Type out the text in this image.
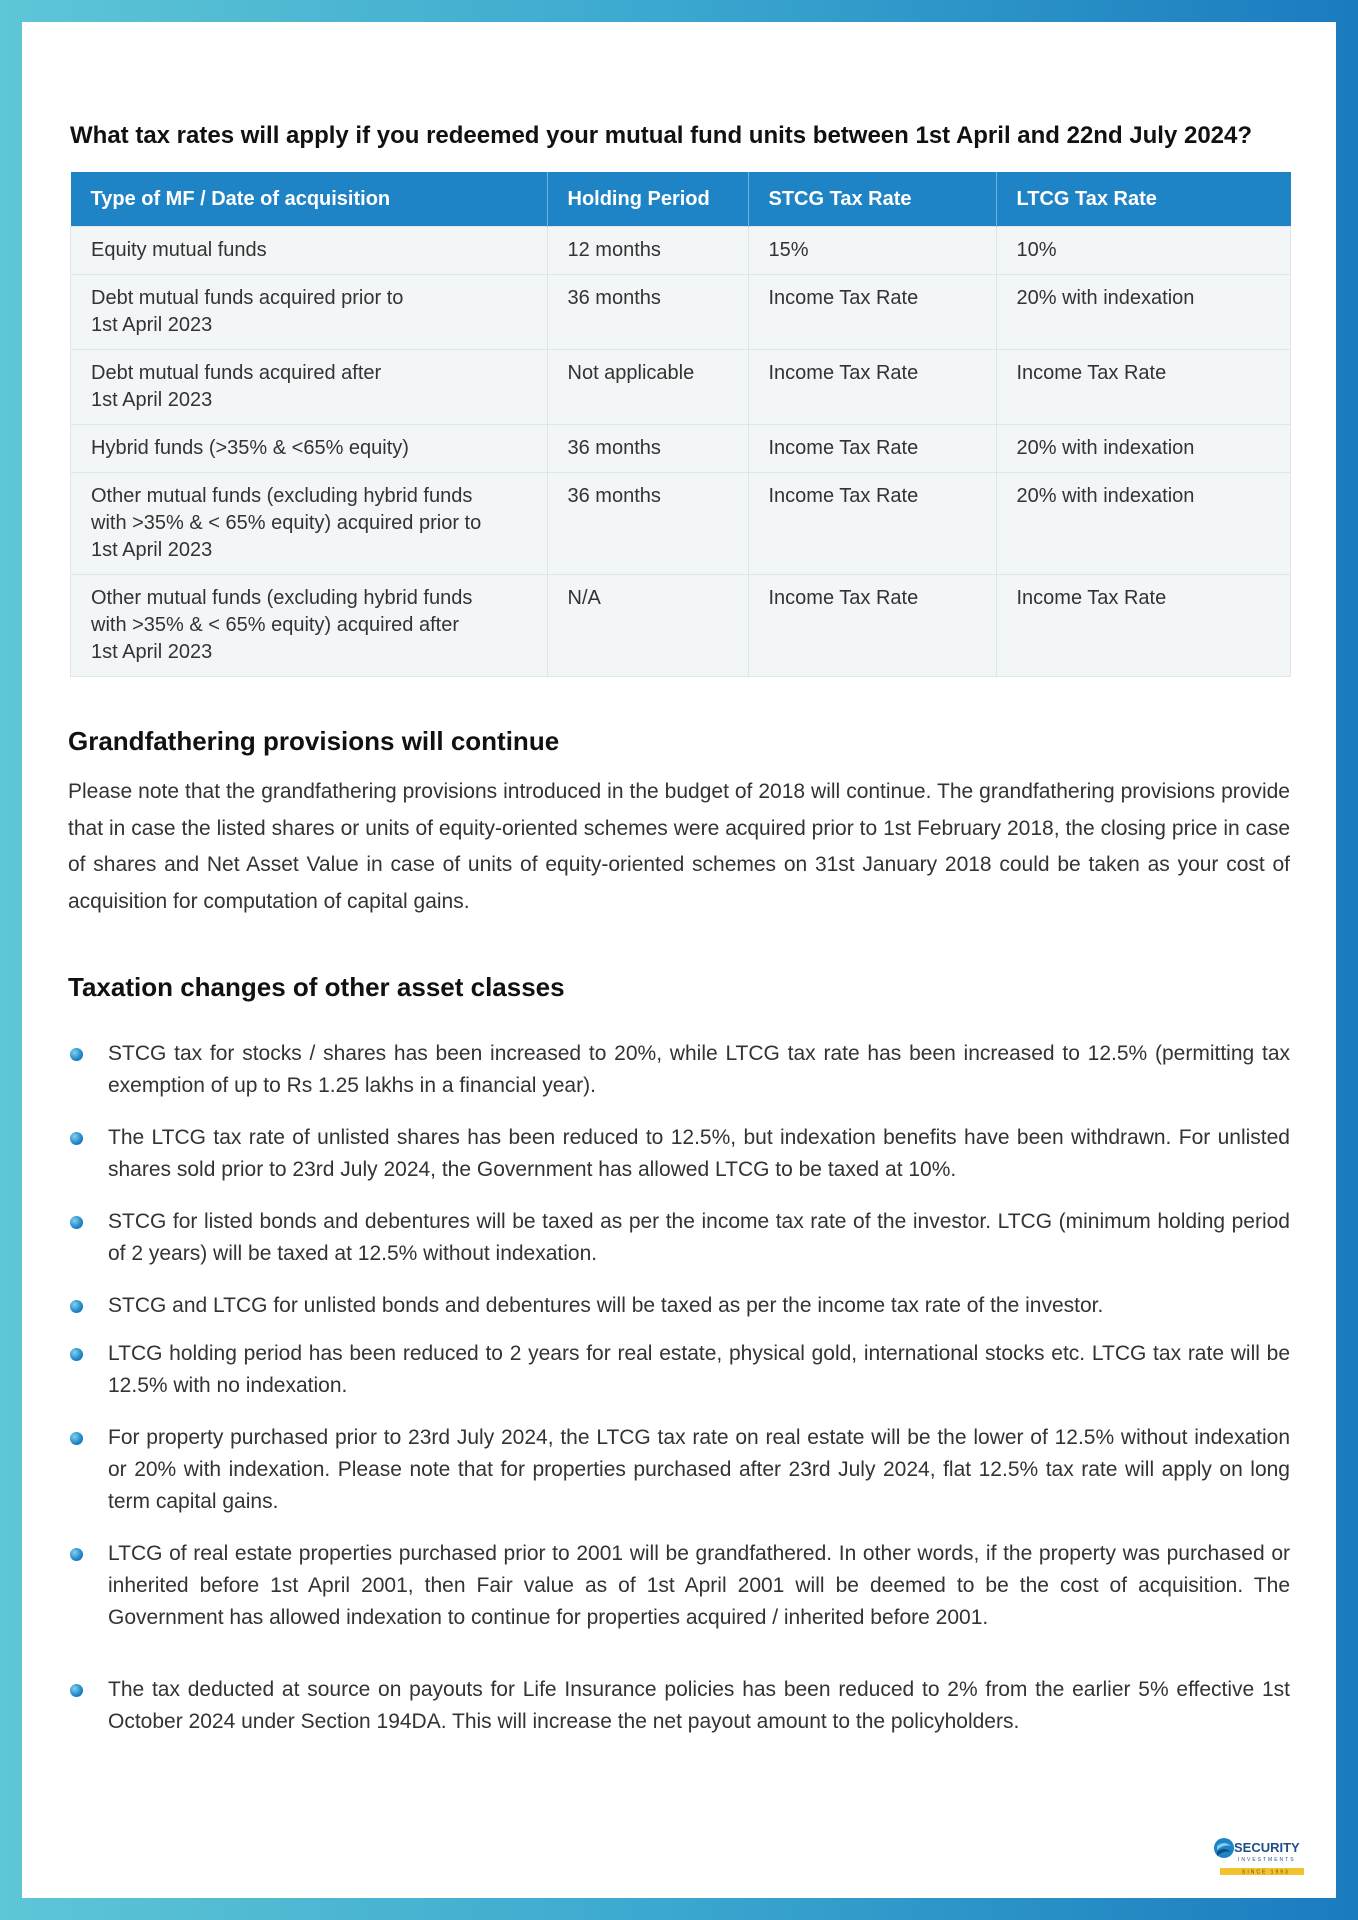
What tax rates will apply if you redeemed your mutual fund units between 1st April and 22nd July 2024?

Type of MF / Date of acquisition	Holding Period	STCG Tax Rate	LTCG Tax Rate
Equity mutual funds	12 months	15%	10%
Debt mutual funds acquired prior to
1st April 2023	36 months	Income Tax Rate	20% with indexation
Debt mutual funds acquired after
1st April 2023	Not applicable	Income Tax Rate	Income Tax Rate
Hybrid funds (>35% & <65% equity)	36 months	Income Tax Rate	20% with indexation
Other mutual funds (excluding hybrid funds
with >35% & < 65% equity) acquired prior to
1st April 2023	36 months	Income Tax Rate	20% with indexation
Other mutual funds (excluding hybrid funds
with >35% & < 65% equity) acquired after
1st April 2023	N/A	Income Tax Rate	Income Tax Rate
Grandfathering provisions will continue

Please note that the grandfathering provisions introduced in the budget of 2018 will continue. The grandfathering provisions provide that in case the listed shares or units of equity-oriented schemes were acquired prior to 1st February 2018, the closing price in case of shares and Net Asset Value in case of units of equity-oriented schemes on 31st January 2018 could be taken as your cost of acquisition for computation of capital gains.

Taxation changes of other asset classes
STCG tax for stocks / shares has been increased to 20%, while LTCG tax rate has been increased to 12.5% (permitting tax exemption of up to Rs 1.25 lakhs in a financial year).
The LTCG tax rate of unlisted shares has been reduced to 12.5%, but indexation benefits have been withdrawn. For unlisted shares sold prior to 23rd July 2024, the Government has allowed LTCG to be taxed at 10%.
STCG for listed bonds and debentures will be taxed as per the income tax rate of the investor. LTCG (minimum holding period of 2 years) will be taxed at 12.5% without indexation.
STCG and LTCG for unlisted bonds and debentures will be taxed as per the income tax rate of the investor.
LTCG holding period has been reduced to 2 years for real estate, physical gold, international stocks etc. LTCG tax rate will be 12.5% with no indexation.
For property purchased prior to 23rd July 2024, the LTCG tax rate on real estate will be the lower of 12.5% without indexation or 20% with indexation. Please note that for properties purchased after 23rd July 2024, flat 12.5% tax rate will apply on long term capital gains.
LTCG of real estate properties purchased prior to 2001 will be grandfathered. In other words, if the property was purchased or inherited before 1st April 2001, then Fair value as of 1st April 2001 will be deemed to be the cost of acquisition. The Government has allowed indexation to continue for properties acquired / inherited before 2001.
The tax deducted at source on payouts for Life Insurance policies has been reduced to 2% from the earlier 5% effective 1st October 2024 under Section 194DA. This will increase the net payout amount to the policyholders.
SECURITY
INVESTMENTS
SINCE 1993
